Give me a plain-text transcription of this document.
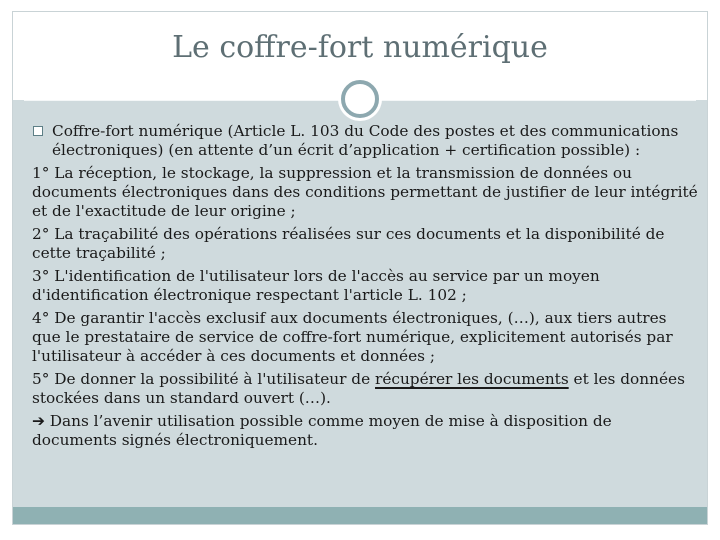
Le coffre-fort numérique
Coffre-fort numérique (Article L. 103 du Code des postes et des communications électroniques) (en attente d’un écrit d’application + certification possible) :
1° La réception, le stockage, la suppression et la transmission de données ou documents électroniques dans des conditions permettant de justifier de leur intégrité et de l'exactitude de leur origine ;
2° La traçabilité des opérations réalisées sur ces documents et la disponibilité de cette traçabilité ;
3° L'identification de l'utilisateur lors de l'accès au service par un moyen d'identification électronique respectant l'article L. 102 ;
4° De garantir l'accès exclusif aux documents électroniques, (…), aux tiers autres que le prestataire de service de coffre-fort numérique, explicitement autorisés par l'utilisateur à accéder à ces documents et données ;
5° De donner la possibilité à l'utilisateur de récupérer les documents et les données stockées dans un standard ouvert (…).
➔ Dans l’avenir utilisation possible comme moyen de mise à disposition de documents signés électroniquement.
